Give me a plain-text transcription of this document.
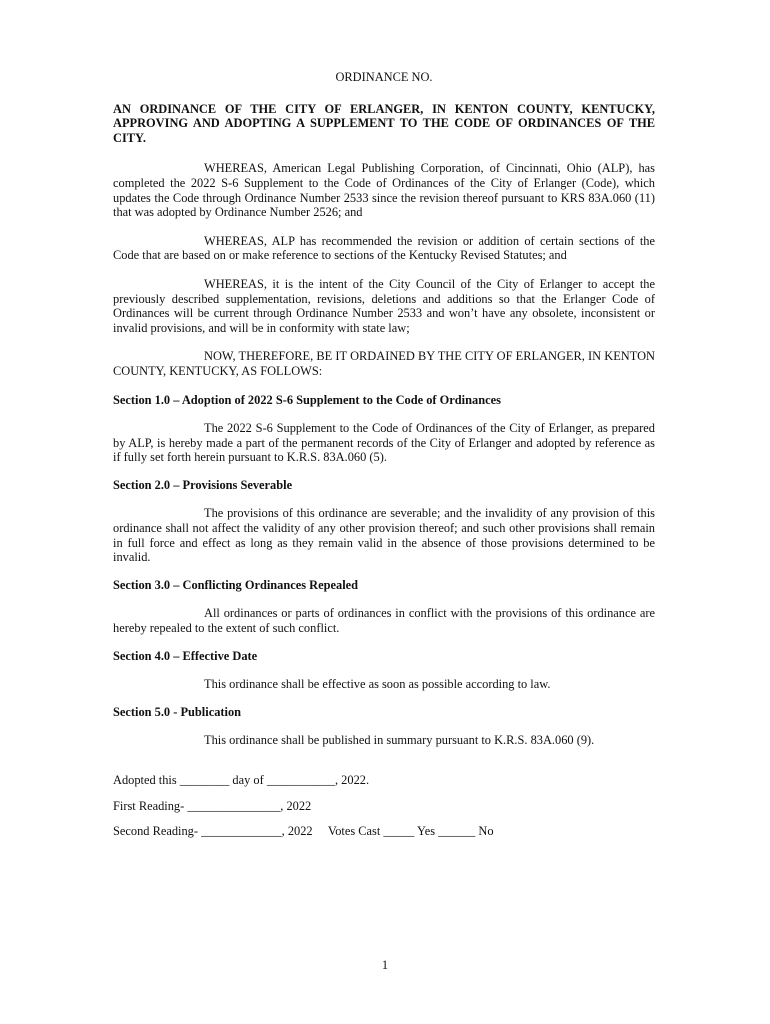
ORDINANCE NO.
AN ORDINANCE OF THE CITY OF ERLANGER, IN KENTON COUNTY, KENTUCKY, APPROVING AND ADOPTING A SUPPLEMENT TO THE CODE OF ORDINANCES OF THE CITY.

WHEREAS, American Legal Publishing Corporation, of Cincinnati, Ohio (ALP), has completed the 2022 S-6 Supplement to the Code of Ordinances of the City of Erlanger (Code), which updates the Code through Ordinance Number 2533 since the revision thereof pursuant to KRS 83A.060 (11) that was adopted by Ordinance Number 2526; and

WHEREAS, ALP has recommended the revision or addition of certain sections of the Code that are based on or make reference to sections of the Kentucky Revised Statutes; and

WHEREAS, it is the intent of the City Council of the City of Erlanger to accept the previously described supplementation, revisions, deletions and additions so that the Erlanger Code of Ordinances will be current through Ordinance Number 2533 and won’t have any obsolete, inconsistent or invalid provisions, and will be in conformity with state law;

NOW, THEREFORE, BE IT ORDAINED BY THE CITY OF ERLANGER, IN KENTON COUNTY, KENTUCKY, AS FOLLOWS:

Section 1.0 – Adoption of 2022 S-6 Supplement to the Code of Ordinances

The 2022 S-6 Supplement to the Code of Ordinances of the City of Erlanger, as prepared by ALP, is hereby made a part of the permanent records of the City of Erlanger and adopted by reference as if fully set forth herein pursuant to K.R.S. 83A.060 (5).

Section 2.0 – Provisions Severable

The provisions of this ordinance are severable; and the invalidity of any provision of this ordinance shall not affect the validity of any other provision thereof; and such other provisions shall remain in full force and effect as long as they remain valid in the absence of those provisions determined to be invalid.

Section 3.0 – Conflicting Ordinances Repealed

All ordinances or parts of ordinances in conflict with the provisions of this ordinance are hereby repealed to the extent of such conflict.

Section 4.0 – Effective Date

This ordinance shall be effective as soon as possible according to law.

Section 5.0 - Publication

This ordinance shall be published in summary pursuant to K.R.S. 83A.060 (9).

Adopted this ________ day of ___________, 2022.
First Reading- _______________, 2022
Second Reading- _____________, 2022     Votes Cast _____ Yes ______ No
1
